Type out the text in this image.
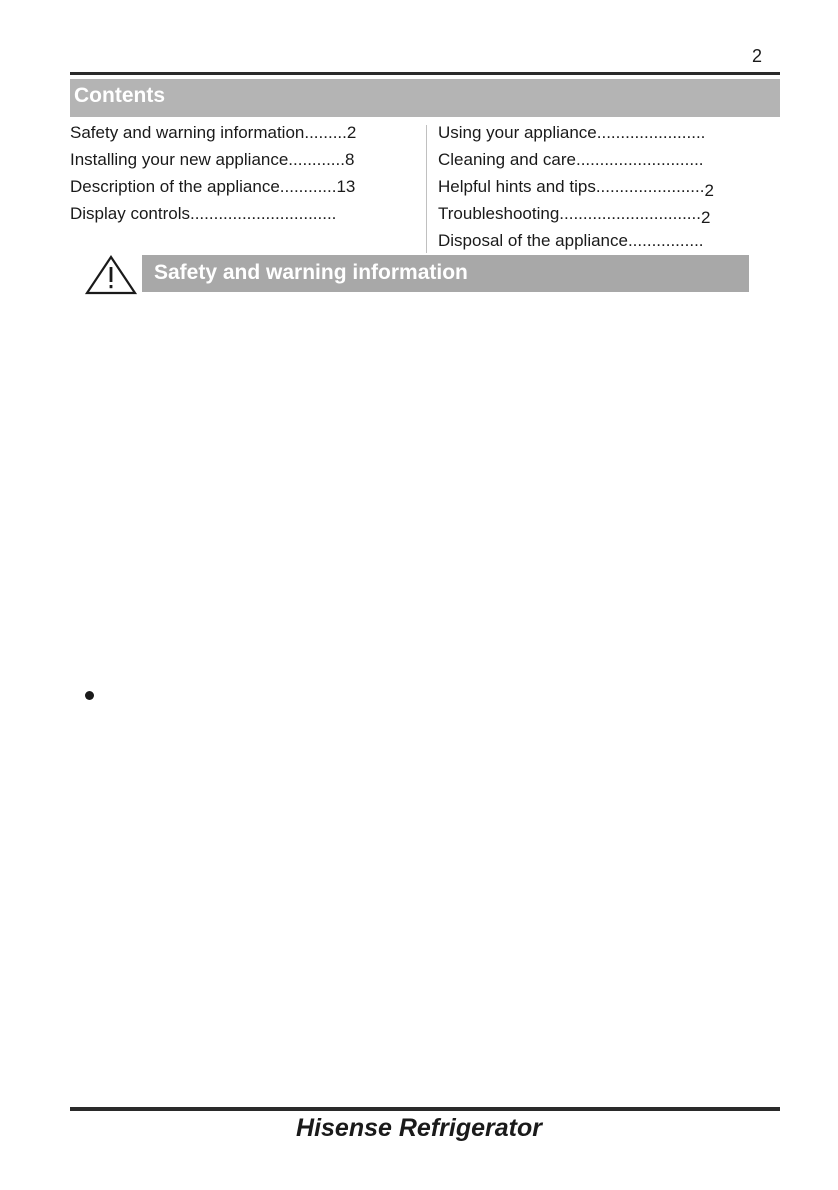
2
Contents
Safety and warning information.........2
Installing your new appliance............8
Description of the appliance............13
Display controls...............................
Using your appliance.......................
Cleaning and care...........................
Helpful hints and tips.......................2
Troubleshooting..............................2
Disposal of the appliance................
Safety and warning information
Hisense Refrigerator
